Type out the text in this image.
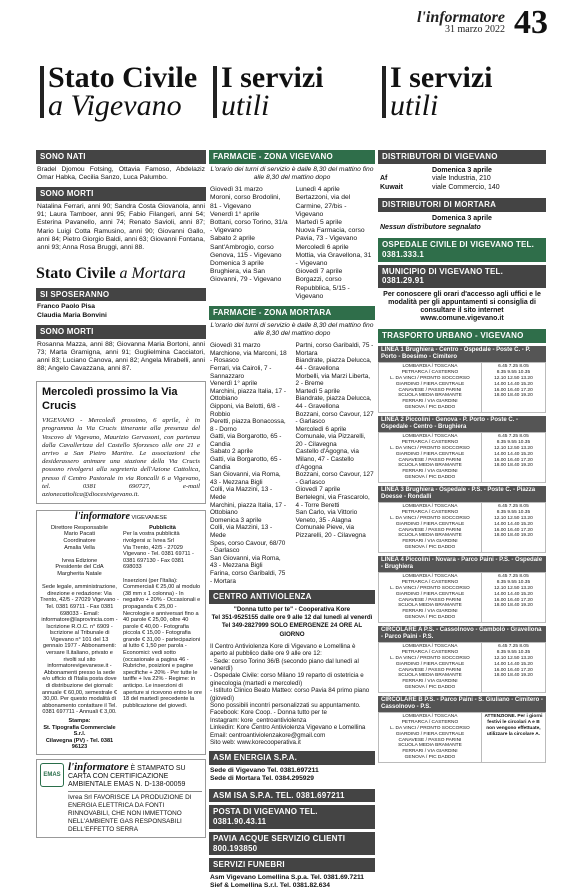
l'informatore
31 marzo 2022 43
Stato Civile
a Vigevano
SONO NATI
Bradel Djomou Fotsing, Ottavia Famoso, Abdelaziz Omar Habka, Cecilia Sanzo, Luca Palumbo.
SONO MORTI
Natalina Ferrari, anni 90; Sandra Costa Giovanola, anni 91; Laura Tamboer, anni 95; Fabio Filangeri, anni 54; Esterina Pavanello, anni 74; Renato Savioli, anni 87; Mario Luigi Cotta Ramusino, anni 90; Giovanni Gallo, anni 84; Pietro Giorgio Baldi, anni 63; Giovanni Fontana, anni 93; Anna Rosa Bruggi, anni 88.
Stato Civile a Mortara
SI SPOSERANNO
Franco Paolo Pisa
Claudia Maria Bonvini
SONO MORTI
Rosanna Mazza, anni 88; Giovanna Maria Bortoni, anni 73; Marta Gramigna, anni 91; Guglielmina Cacciatori, anni 83; Luciano Canova, anni 82; Angela Mirabelli, anni 88; Angelo Cavazzana, anni 87.
Mercoledì prossimo la Via Crucis

VIGEVANO - Mercoledì prossimo, 6 aprile, è in programma la Via Crucis itinerante alla presenza del Vescovo di Vigevano, Maurizio Gervasoni, con partenza dalla Cavallerizza del Castello Sforzesco alle ore 21 e arrivo a San Pietro Martire. Le associazioni che desiderassero animare una stazione della Via Crucis possono rivolgersi alla segreteria dell'Azione Cattolica, presso il Centro Pastorale in via Roncalli 6 a Vigevano, tel. 0381 690727, e-mail azionecattolica@diocesivigevano.it.

l'informatore VIGEVANESE
Direttore Responsabile
Mario Pacati
Coordinatore
Amalia Vella

Ivrea Edizione
Presidente del CdA
Margherita Natale

Sede legale, amministrazione, direzione e redazione: Via Trento, 42/5 - 27029 Vigevano - Tel. 0381 69711 - Fax 0381 698033 - Email: informatore@laprovincia.com - Iscrizione R.O.C. n° 6909 - Iscrizione al Tribunale di Vigevano n° 101 del 13 gennaio 1977 - Abbonamenti: versare Il.italiano, privato e rivolti sul sito informatorevigevanese.it - Abbonamenti presso la sede e/o ufficio di l'Italia posta dove di distribuzione dei giornali: annuale € 60,00, semestrale € 30,00. Per questo modalità di abbonamento contattare il Tel. 0381 697711 - Annuali € 3,00.
Stampa:
St. Tipografia Commerciale S.r.l.
Cilavegna (PV) - Tel. 0381 96123
Pubblicità
Per la vostra pubblicità rivolgersi a: Ivrea Srl
Via Trento, 42/5 - 27029 Vigevano - Tel. 0381 69711 - 0381 697130 - Fax 0381 698033

Inserzioni (per l'Italia): Commerciali € 25,00 al modulo (38 mm x 1 colonna) - In negativo + 20% - Occasionali e propaganda € 25,00 - Necrologie e anniversari fino a 40 parole € 25,00, oltre 40 parole € 40,00 - Fotografia piccola € 15,00 - Fotografia grande € 31,00 - partecipazioni al lutto € 1,50 per parola - Economici: vedi sotto (occasionale a pagina 46 - Rubriche, posizioni e pagine specifiche + 20% - Per tutte le tariffe + Iva 22% - Regime: in anticipo. Le inserzioni di aperture si ricevono entro le ore 18 del martedì precedente la pubblicazione del giovedì.
EMAS
l'informatore È STAMPATO SU CARTA CON CERTIFICAZIONE AMBIENTALE EMAS N. D-138-00059
Ivrea Srl FAVORISCE LA PRODUZIONE DI ENERGIA ELETTRICA DA FONTI RINNOVABILI, CHE NON IMMETTONO NELL'AMBIENTE GAS RESPONSABILI DELL'EFFETTO SERRA
I servizi
utili
FARMACIE - ZONA VIGEVANO
L'orario dei turni di servizio è dalle 8,30 del mattino fino alle 8,30 del mattino dopo
Giovedì 31 marzo
Moroni, corso Brodolini, 81 - Vigevano
Venerdì 1° aprile
Bottani, corso Torino, 31/a - Vigevano
Sabato 2 aprile
Sant'Ambrogio, corso Genova, 115 - Vigevano
Domenica 3 aprile
Brughiera, via San Giovanni, 79 - Vigevano
Lunedì 4 aprile
Bertazzoni, via del Carmine, 27/bis - Vigevano
Martedì 5 aprile
Nuova Farmacia, corso Pavia, 73 - Vigevano
Mercoledì 6 aprile
Mottia, via Gravellona, 31 - Vigevano
Giovedì 7 aprile
Borgazzi, corso Repubblica, 5/15 - Vigevano
FARMACIE - ZONA MORTARA
L'orario dei turni di servizio è dalle 8,30 del mattino fino alle 8,30 del mattino dopo
Giovedì 31 marzo
Marchione, via Marconi, 18 - Rosasco
Ferrari, via Cairoli, 7 - Sannazzaro
Venerdì 1° aprile
Marchini, piazza Italia, 17 - Ottobiano
Gipponi, via Belotti, 6/8 - Robbio
Peretti, piazza Bonacossa, 8 - Dorno
Gatti, via Borgarotto, 65 - Candia
Sabato 2 aprile
Gatti, via Borgarotto, 65 - Candia
San Giovanni, via Roma, 43 - Mezzana Bigli
Colli, via Mazzini, 13 - Mede
Marchini, piazza Italia, 17 - Ottobiano
Domenica 3 aprile
Colli, via Mazzini, 13 - Mede
Spes, corso Cavour, 68/70 - Garlasco
San Giovanni, via Roma, 43 - Mezzana Bigli
Farina, corso Garibaldi, 75 - Mortara
Partni, corso Garibaldi, 75 - Mortara
Biandrate, piazza Delucca, 44 - Gravellona
Morbelli, via Marzi Liberta, 2 - Breme
Martedì 5 aprile
Biandrate, piazza Delucca, 44 - Gravellona
Bozzani, corso Cavour, 127 - Garlasco
Mercoledì 6 aprile
Comunale, via Pizzarelli, 20 - Cilavegna
Castello d'Agogna, via Milano, 47 - Castello d'Agogna
Bozzani, corso Cavour, 127 - Garlasco
Giovedì 7 aprile
Bertelegni, via Frascarolo, 4 - Torre Beretti
San Carlo, via Vittorio Veneto, 35 - Alagna
Comunale Pieve, via Pizzarelli, 20 - Cilavegna
CENTRO ANTIVIOLENZA
"Donna tutto per te" - Cooperativa Kore
Tel 351-9525155 dalle ore 9 alle 12 dal lunedì al venerdì
Tel 349-2827999 SOLO EMERGENZE 24 ORE AL GIORNO
Il Centro Antiviolenza Kore di Vigevano e Lomellina è aperto al pubblico dalle ore 9 alle ore 12:
- Sede: corso Torino 36/B (secondo piano dal lunedì al venerdì)
- Ospedale Civile: corso Milano 19 reparto di ostetricia e ginecologia (martedì e mercoledì)
- Istituto Clinico Beato Matteo: corso Pavia 84 primo piano (giovedì)
Sono possibili incontri personalizzati su appuntamento.
Facebook: Kore Coop. - Donna tutto per te
Instagram: kore_centroantiviolenza
Linkedin: Kore Centro Antiviolenza Vigevano e Lomellina
Email: centroantiviolenzakore@gmail.com
Sito web: www.korecooperativa.it
ASM ENERGIA S.P.A.
Sede di Vigevano Tel. 0381.697211
Sede di Mortara Tel. 0384.295929
ASM ISA S.P.A. TEL. 0381.697211
POSTA DI VIGEVANO TEL. 0381.90.43.11
PAVIA ACQUE SERVIZIO CLIENTI 800.193850
SERVIZI FUNEBRI
Asm Vigevano Lomellina S.p.a. Tel. 0381.69.7211
Sief & Lomellina S.r.l. Tel. 0381.82.634
I servizi
utili
DISTRIBUTORI DI VIGEVANO
Domenica 3 aprile
Af	viale Industria, 210
Kuwait	viale Commercio, 140
DISTRIBUTORI DI MORTARA
Domenica 3 aprile
Nessun distributore segnalato
OSPEDALE CIVILE DI VIGEVANO TEL. 0381.333.1
MUNICIPIO DI VIGEVANO TEL. 0381.29.91
Per conoscere gli orari d'accesso agli uffici e le modalità per gli appuntamenti si consiglia di consultare il sito internet www.comune.vigevano.it
TRASPORTO URBANO - VIGEVANO
LINEA 1 Brughiera - Centro - Ospedale - Poste C. - P. Porto - Boesimo - Cimitero
LOMBARDIA / TOSCANA
PETRARCA / CASTERNO
L. DA VINCI / PRONTO SOCCORSO
GIARDINO / FIERA CENTRALE
CANAVESE / PASSO PARINI
SCUOLA MEDIA BRAMANTE
FERRARI / VIA GIARDINI
GENOVA / PIC DADDO
6.45 7.25 8.05
8.35 9.55 10.35
12.10 12.50 13.20
14.00 14.40 15.20
16.00 16.40 17.20
18.00 18.40 19.20
LINEA 2 Piccolini - Genova - P. Porto - Poste C. - Ospedale - Centro - Brughiera
LOMBARDIA / TOSCANA
PETRARCA / CASTERNO
L. DA VINCI / PRONTO SOCCORSO
GIARDINO / FIERA CENTRALE
CANAVESE / PASSO PARINI
SCUOLA MEDIA BRAMANTE
FERRARI / VIA GIARDINI
GENOVA / PIC DADDO
6.45 7.25 8.05
8.35 9.55 10.35
12.10 12.50 13.20
14.00 14.40 15.20
16.00 16.40 17.20
18.00 18.40 19.20
LINEA 3 Brughiera - Ospedale - P.S. - Poste C. - Piazza Doesse - Rondalli
LOMBARDIA / TOSCANA
PETRARCA / CASTERNO
L. DA VINCI / PRONTO SOCCORSO
GIARDINO / FIERA CENTRALE
CANAVESE / PASSO PARINI
SCUOLA MEDIA BRAMANTE
FERRARI / VIA GIARDINI
GENOVA / PIC DADDO
6.45 7.25 8.05
8.35 9.55 10.35
12.10 12.50 13.20
14.00 14.40 15.20
16.00 16.40 17.20
18.00 18.40 19.20
LINEA 4 Piccolini - Novara - Parco Paini - P.S. - Ospedale - Brughiera
LOMBARDIA / TOSCANA
PETRARCA / CASTERNO
L. DA VINCI / PRONTO SOCCORSO
GIARDINO / FIERA CENTRALE
CANAVESE / PASSO PARINI
SCUOLA MEDIA BRAMANTE
FERRARI / VIA GIARDINI
GENOVA / PIC DADDO
6.45 7.25 8.05
8.35 9.55 10.35
12.10 12.50 13.20
14.00 14.40 15.20
16.00 16.40 17.20
18.00 18.40 19.20
CIRCOLARE A P.S. - Cassolnovo - Gambolò - Gravellona - Parco Paini - P.S.
LOMBARDIA / TOSCANA
PETRARCA / CASTERNO
L. DA VINCI / PRONTO SOCCORSO
GIARDINO / FIERA CENTRALE
CANAVESE / PASSO PARINI
SCUOLA MEDIA BRAMANTE
FERRARI / VIA GIARDINI
GENOVA / PIC DADDO
6.45 7.25 8.05
8.35 9.55 10.35
12.10 12.50 13.20
14.00 14.40 15.20
16.00 16.40 17.20
18.00 18.40 19.20
CIRCOLARE B P.S. - Parco Paini - S. Giuliano - Cimitero - Cassolnovo - P.S.
LOMBARDIA / TOSCANA
PETRARCA / CASTERNO
L. DA VINCI / PRONTO SOCCORSO
GIARDINO / FIERA CENTRALE
CANAVESE / PASSO PARINI
SCUOLA MEDIA BRAMANTE
FERRARI / VIA GIARDINI
GENOVA / PIC DADDO
ATTENZIONE. Per i giorni festivi le circolari A e B non vengono effettuate, utilizzare la circolare A.
